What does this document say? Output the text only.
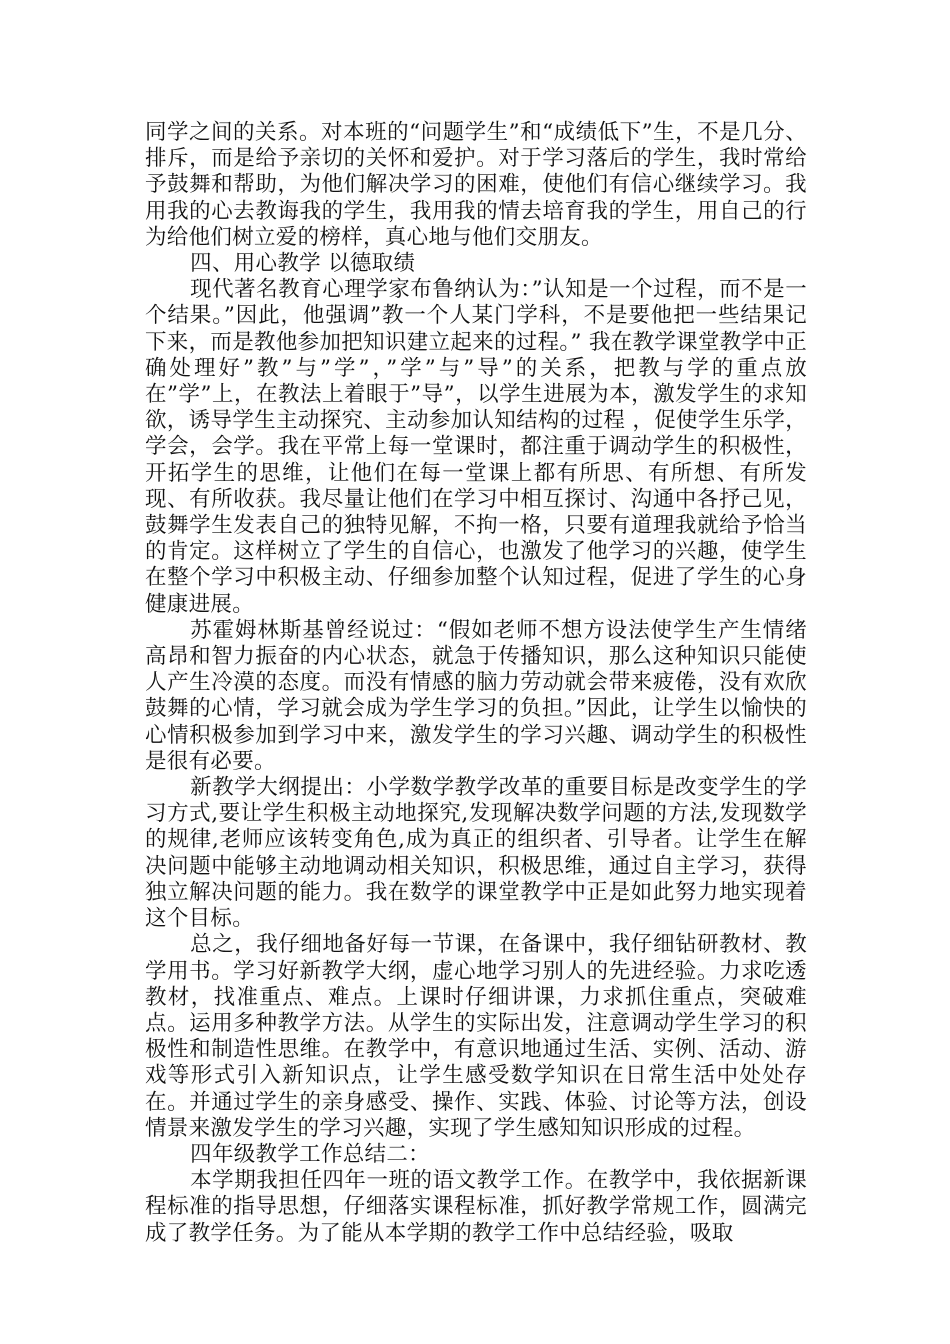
同学之间的关系。对本班的“问题学生”和“成绩低下”生，不是几分、排斥，而是给予亲切的关怀和爱护。对于学习落后的学生，我时常给予鼓舞和帮助，为他们解决学习的困难，使他们有信心继续学习。我用我的心去教诲我的学生，我用我的情去培育我的学生，用自己的行为给他们树立爱的榜样，真心地与他们交朋友。

四、用心教学 以德取绩

现代著名教育心理学家布鲁纳认为：”认知是一个过程，而不是一个结果。”因此，他强调”教一个人某门学科，不是要他把一些结果记下来，而是教他参加把知识建立起来的过程。” 我在教学课堂教学中正确处理好”教”与”学”，”学”与”导”的关系，把教与学的重点放在”学”上，在教法上着眼于”导”，以学生进展为本，激发学生的求知欲，诱导学生主动探究、主动参加认知结构的过程 ，促使学生乐学，学会，会学。我在平常上每一堂课时，都注重于调动学生的积极性，开拓学生的思维，让他们在每一堂课上都有所思、有所想、有所发现、有所收获。我尽量让他们在学习中相互探讨、沟通中各抒己见，鼓舞学生发表自己的独特见解，不拘一格，只要有道理我就给予恰当的肯定。这样树立了学生的自信心，也激发了他学习的兴趣，使学生在整个学习中积极主动、仔细参加整个认知过程，促进了学生的心身健康进展。

苏霍姆林斯基曾经说过：“假如老师不想方设法使学生产生情绪高昂和智力振奋的内心状态，就急于传播知识，那么这种知识只能使人产生冷漠的态度。而没有情感的脑力劳动就会带来疲倦，没有欢欣鼓舞的心情，学习就会成为学生学习的负担。”因此，让学生以愉快的心情积极参加到学习中来，激发学生的学习兴趣、调动学生的积极性是很有必要。

新教学大纲提出：小学数学教学改革的重要目标是改变学生的学习方式,要让学生积极主动地探究,发现解决数学问题的方法,发现数学的规律,老师应该转变角色,成为真正的组织者、引导者。让学生在解决问题中能够主动地调动相关知识，积极思维，通过自主学习，获得独立解决问题的能力。我在数学的课堂教学中正是如此努力地实现着这个目标。

总之，我仔细地备好每一节课，在备课中，我仔细钻研教材、教学用书。学习好新教学大纲，虚心地学习别人的先进经验。力求吃透教材，找准重点、难点。上课时仔细讲课，力求抓住重点，突破难点。运用多种教学方法。从学生的实际出发，注意调动学生学习的积极性和制造性思维。在教学中，有意识地通过生活、实例、活动、游戏等形式引入新知识点，让学生感受数学知识在日常生活中处处存在。并通过学生的亲身感受、操作、实践、体验、讨论等方法，创设情景来激发学生的学习兴趣，实现了学生感知知识形成的过程。

四年级教学工作总结二：

本学期我担任四年一班的语文教学工作。在教学中，我依据新课程标准的指导思想，仔细落实课程标准，抓好教学常规工作，圆满完成了教学任务。为了能从本学期的教学工作中总结经验，吸取
